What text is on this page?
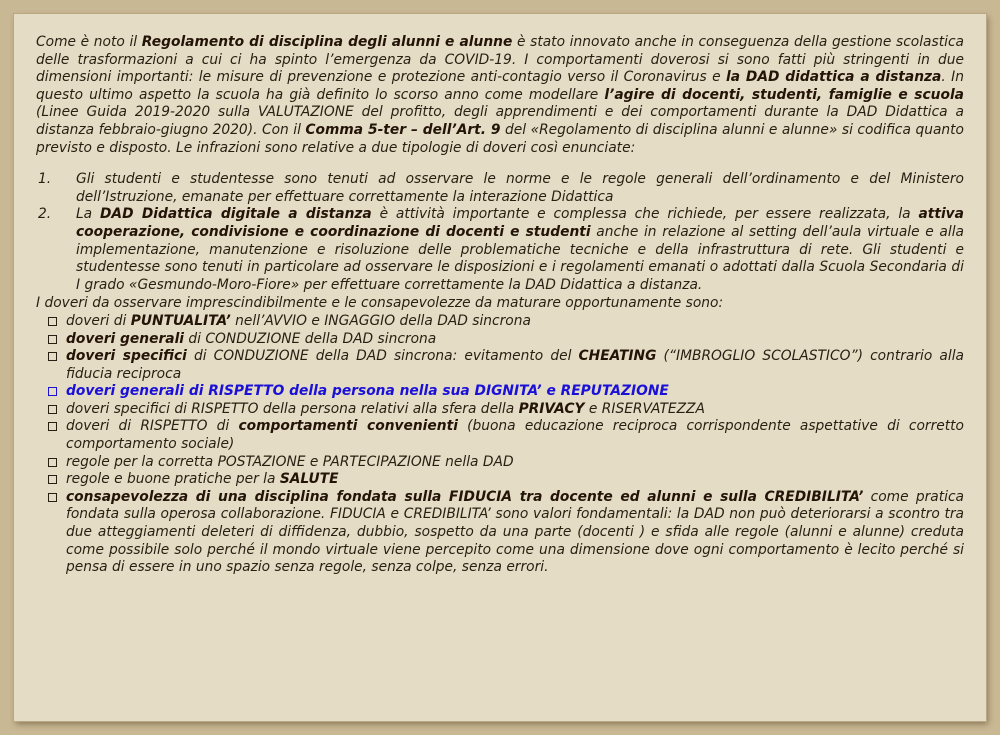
Come è noto il Regolamento di disciplina degli alunni e alunne è stato innovato anche in conseguenza della gestione scolastica delle trasformazioni a cui ci ha spinto l’emergenza da COVID-19. I comportamenti doverosi si sono fatti più stringenti in due dimensioni importanti: le misure di prevenzione e protezione anti-contagio verso il Coronavirus e la DAD didattica a distanza. In questo ultimo aspetto la scuola ha già definito lo scorso anno come modellare l’agire di docenti, studenti, famiglie e scuola (Linee Guida 2019-2020 sulla VALUTAZIONE del profitto, degli apprendimenti e dei comportamenti durante la DAD Didattica a distanza febbraio-giugno 2020). Con il Comma 5-ter – dell’Art. 9 del «Regolamento di disciplina alunni e alunne» si codifica quanto previsto e disposto. Le infrazioni sono relative a due tipologie di doveri così enunciate:

1. Gli studenti e studentesse sono tenuti ad osservare le norme e le regole generali dell’ordinamento e del Ministero dell’Istruzione, emanate per effettuare correttamente la interazione Didattica
2. La DAD Didattica digitale a distanza è attività importante e complessa che richiede, per essere realizzata, la attiva cooperazione, condivisione e coordinazione di docenti e studenti anche in relazione al setting dell’aula virtuale e alla implementazione, manutenzione e risoluzione delle problematiche tecniche e della infrastruttura di rete. Gli studenti e studentesse sono tenuti in particolare ad osservare le disposizioni e i regolamenti emanati o adottati dalla Scuola Secondaria di I grado «Gesmundo-Moro-Fiore» per effettuare correttamente la DAD Didattica a distanza.

I doveri da osservare imprescindibilmente e le consapevolezze da maturare opportunamente sono:

doveri di PUNTUALITA’ nell’AVVIO e INGAGGIO della DAD sincrona
doveri generali di CONDUZIONE della DAD sincrona
doveri specifici di CONDUZIONE della DAD sincrona: evitamento del CHEATING (“IMBROGLIO SCOLASTICO”) contrario alla fiducia reciproca
doveri generali di RISPETTO della persona nella sua DIGNITA’ e REPUTAZIONE
doveri specifici di RISPETTO della persona relativi alla sfera della PRIVACY e RISERVATEZZA
doveri di RISPETTO di comportamenti convenienti (buona educazione reciproca corrispondente aspettative di corretto comportamento sociale)
regole per la corretta POSTAZIONE e PARTECIPAZIONE nella DAD
regole e buone pratiche per la SALUTE
consapevolezza di una disciplina fondata sulla FIDUCIA tra docente ed alunni e sulla CREDIBILITA’ come pratica fondata sulla operosa collaborazione. FIDUCIA e CREDIBILITA’ sono valori fondamentali: la DAD non può deteriorarsi a scontro tra due atteggiamenti deleteri di diffidenza, dubbio, sospetto da una parte (docenti ) e sfida alle regole (alunni e alunne) creduta come possibile solo perché il mondo virtuale viene percepito come una dimensione dove ogni comportamento è lecito perché si pensa di essere in uno spazio senza regole, senza colpe, senza errori.
